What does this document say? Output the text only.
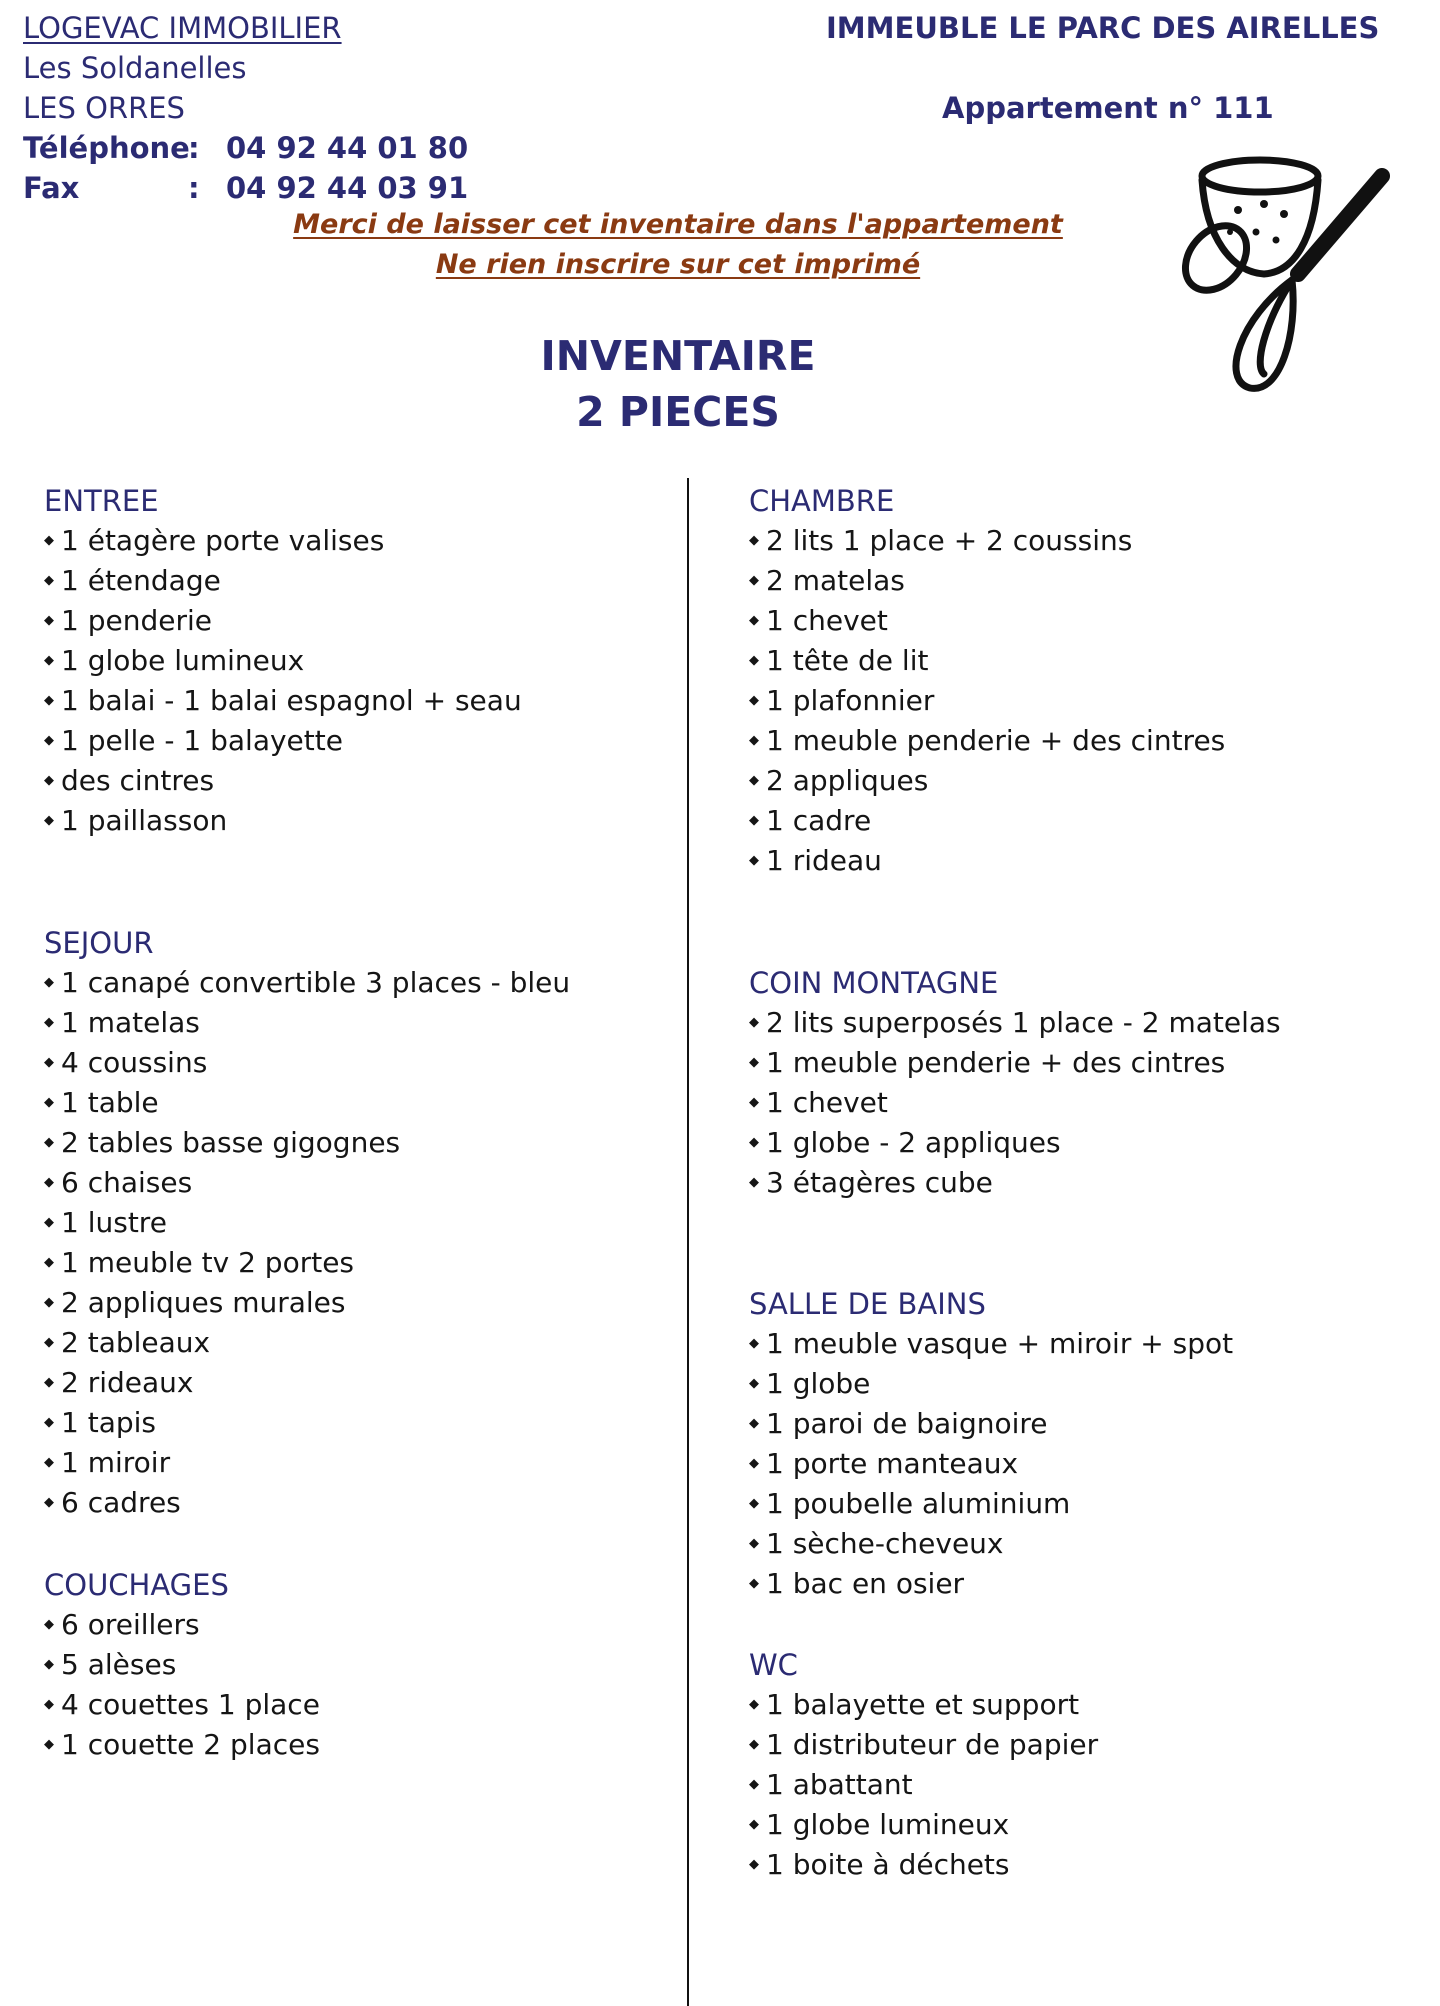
LOGEVAC IMMOBILIER
Les Soldanelles
LES ORRES
Téléphone
: 04 92 44 01 80
Fax	: 04 92 44 03 91
IMMEUBLE LE PARC DES AIRELLES
Appartement n° 111
Merci de laisser cet inventaire dans l'appartement
Ne rien inscrire sur cet imprimé
INVENTAIRE
2 PIECES
ENTREE
◆ 1 étagère porte valises
◆ 1 étendage
◆ 1 penderie
◆ 1 globe lumineux
◆ 1 balai - 1 balai espagnol + seau
◆ 1 pelle - 1 balayette
◆ des cintres
◆ 1 paillasson
SEJOUR
◆ 1 canapé convertible 3 places - bleu
◆ 1 matelas
◆ 4 coussins
◆ 1 table
◆ 2 tables basse gigognes
◆ 6 chaises
◆ 1 lustre
◆ 1 meuble tv 2 portes
◆ 2 appliques murales
◆ 2 tableaux
◆ 2 rideaux
◆ 1 tapis
◆ 1 miroir
◆ 6 cadres
COUCHAGES
◆ 6 oreillers
◆ 5 alèses
◆ 4 couettes 1 place
◆ 1 couette 2 places
CHAMBRE
◆ 2 lits 1 place + 2 coussins
◆ 2 matelas
◆ 1 chevet
◆ 1 tête de lit
◆ 1 plafonnier
◆ 1 meuble penderie + des cintres
◆ 2 appliques
◆ 1 cadre
◆ 1 rideau
COIN MONTAGNE
◆ 2 lits superposés 1 place - 2 matelas
◆ 1 meuble penderie + des cintres
◆ 1 chevet
◆ 1 globe - 2 appliques
◆ 3 étagères cube
SALLE DE BAINS
◆ 1 meuble vasque + miroir + spot
◆ 1 globe
◆ 1 paroi de baignoire
◆ 1 porte manteaux
◆ 1 poubelle aluminium
◆ 1 sèche-cheveux
◆ 1 bac en osier
WC
◆ 1 balayette et support
◆ 1 distributeur de papier
◆ 1 abattant
◆ 1 globe lumineux
◆ 1 boite à déchets
